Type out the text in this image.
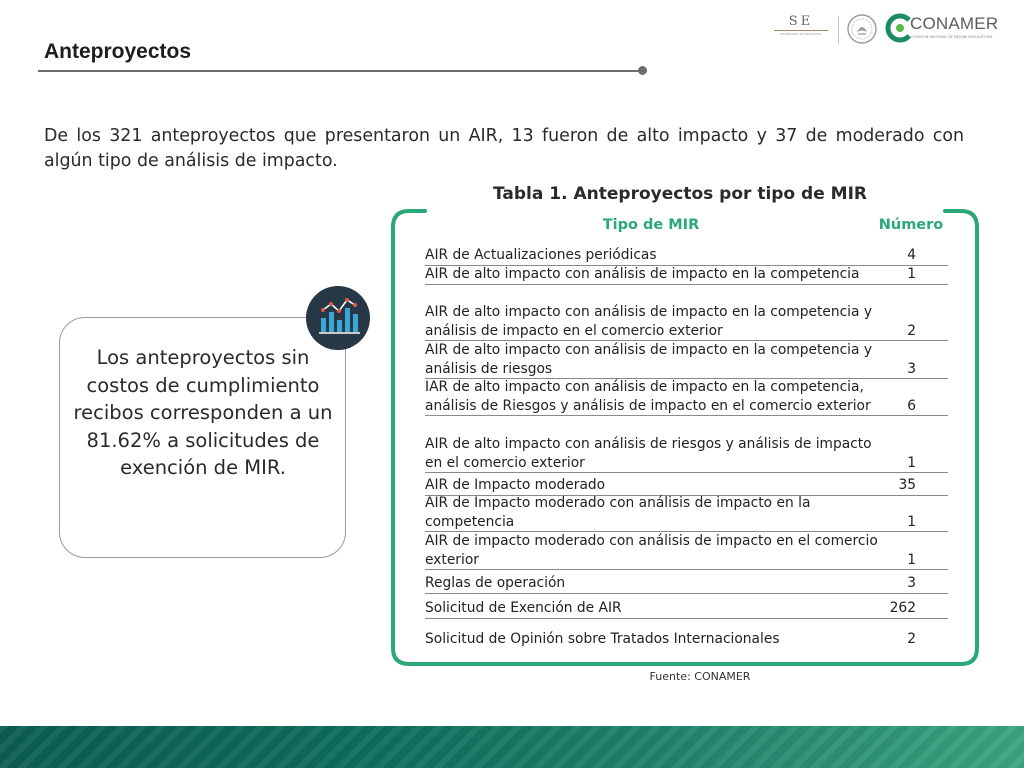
Anteproyectos
SE
SECRETARÍA DE ECONOMÍA
CONAMER
COMISIÓN NACIONAL DE MEJORA REGULATORIA
De los 321 anteproyectos que presentaron un AIR, 13 fueron de alto impacto y 37 de moderado con algún tipo de análisis de impacto.
Tabla 1. Anteproyectos por tipo de MIR
Los anteproyectos sin costos de cumplimiento recibos corresponden a un 81.62% a solicitudes de exención de MIR.
Tipo de MIR	Número
AIR de Actualizaciones periódicas	4
AIR de alto impacto con análisis de impacto en la competencia	1
AIR de alto impacto con análisis de impacto en la competencia y análisis de impacto en el comercio exterior	2
AIR de alto impacto con análisis de impacto en la competencia y análisis de riesgos	3
IAR de alto impacto con análisis de impacto en la competencia, análisis de Riesgos y análisis de impacto en el comercio exterior	6
AIR de alto impacto con análisis de riesgos y análisis de impacto en el comercio exterior	1
AIR de Impacto moderado	35
AIR de Impacto moderado con análisis de impacto en la competencia	1
AIR de impacto moderado con análisis de impacto en el comercio exterior	1
Reglas de operación	3
Solicitud de Exención de AIR	262
Solicitud de Opinión sobre Tratados Internacionales	2
Fuente: CONAMER
